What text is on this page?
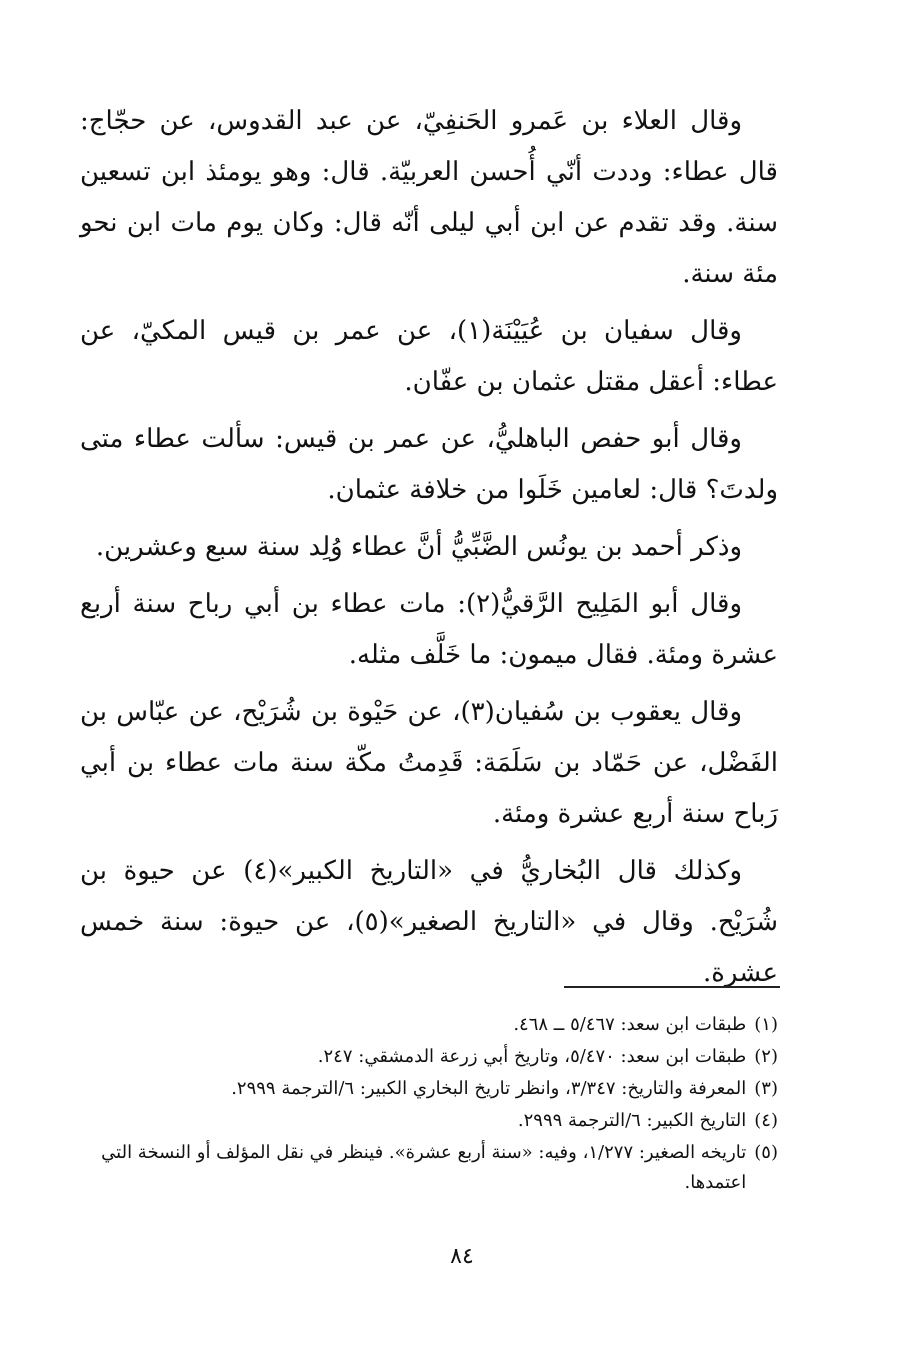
وقال العلاء بن عَمرو الحَنفِيّ، عن عبد القدوس، عن حجّاج: قال عطاء: وددت أنّي أُحسن العربيّة. قال: وهو يومئذ ابن تسعين سنة. وقد تقدم عن ابن أبي ليلى أنّه قال: وكان يوم مات ابن نحو مئة سنة.

وقال سفيان بن عُيَيْنَة(١)، عن عمر بن قيس المكيّ، عن عطاء: أعقل مقتل عثمان بن عفّان.

وقال أبو حفص الباهليُّ، عن عمر بن قيس: سألت عطاء متى ولدتَ؟ قال: لعامين خَلَوا من خلافة عثمان.

وذكر أحمد بن يونُس الضَّبِّيُّ أنَّ عطاء وُلِد سنة سبع وعشرين.

وقال أبو المَلِيح الرَّقيُّ(٢): مات عطاء بن أبي رباح سنة أربع عشرة ومئة. فقال ميمون: ما خَلَّف مثله.

وقال يعقوب بن سُفيان(٣)، عن حَيْوة بن شُرَيْح، عن عبّاس بن الفَضْل، عن حَمّاد بن سَلَمَة: قَدِمتُ مكّة سنة مات عطاء بن أبي رَباح سنة أربع عشرة ومئة.

وكذلك قال البُخاريُّ في «التاريخ الكبير»(٤) عن حيوة بن شُرَيْح. وقال في «التاريخ الصغير»(٥)، عن حيوة: سنة خمس عشرة.

(١)
طبقات ابن سعد: ٥/٤٦٧ ــ ٤٦٨.
(٢)
طبقات ابن سعد: ٥/٤٧٠، وتاريخ أبي زرعة الدمشقي: ٢٤٧.
(٣)
المعرفة والتاريخ: ٣/٣٤٧، وانظر تاريخ البخاري الكبير: ٦/الترجمة ٢٩٩٩.
(٤)
التاريخ الكبير: ٦/الترجمة ٢٩٩٩.
(٥)
تاريخه الصغير: ١/٢٧٧، وفيه: «سنة أربع عشرة». فينظر في نقل المؤلف أو النسخة التي اعتمدها.
٨٤
